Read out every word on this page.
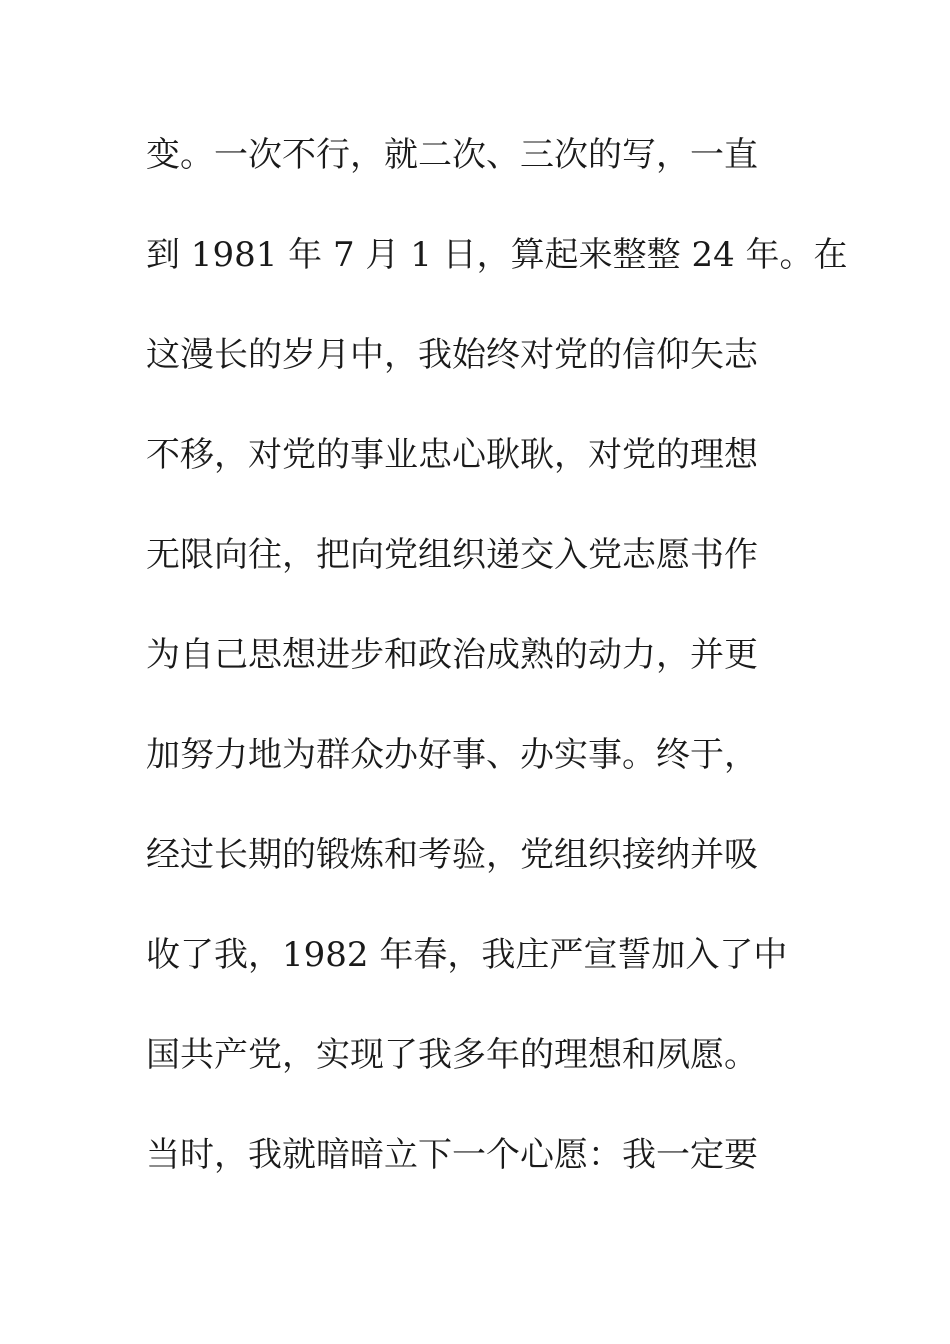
变。一次不行，就二次、三次的写，一直
到 1981 年 7 月 1 日，算起来整整 24 年。在
这漫长的岁月中，我始终对党的信仰矢志
不移，对党的事业忠心耿耿，对党的理想
无限向往，把向党组织递交入党志愿书作
为自己思想进步和政治成熟的动力，并更
加努力地为群众办好事、办实事。终于，
经过长期的锻炼和考验，党组织接纳并吸
收了我，1982 年春，我庄严宣誓加入了中
国共产党，实现了我多年的理想和夙愿。
当时，我就暗暗立下一个心愿：我一定要
